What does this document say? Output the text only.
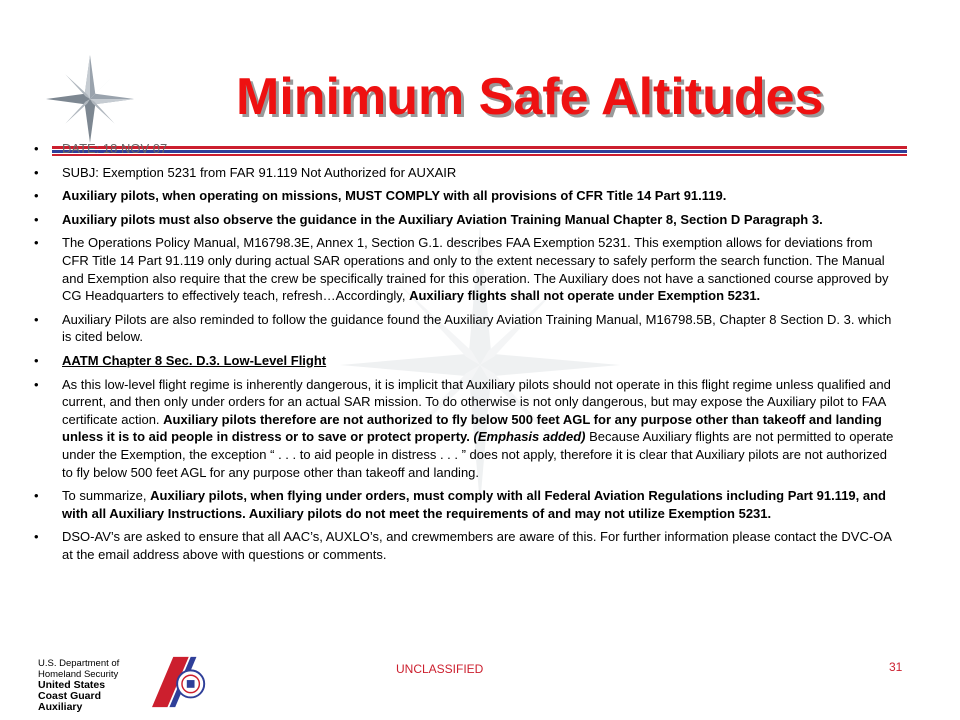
Minimum Safe Altitudes
• DATE: 18 NOV 07
• SUBJ: Exemption 5231 from FAR 91.119 Not Authorized for AUXAIR
• Auxiliary pilots, when operating on missions, MUST COMPLY with all provisions of CFR Title 14 Part 91.119.
• Auxiliary pilots must also observe the guidance in the Auxiliary Aviation Training Manual Chapter 8, Section D Paragraph 3.
• The Operations Policy Manual, M16798.3E, Annex 1, Section G.1. describes FAA Exemption 5231. This exemption allows for deviations from CFR Title 14 Part 91.119 only during actual SAR operations and only to the extent necessary to safely perform the search function. The Manual and Exemption also require that the crew be specifically trained for this operation. The Auxiliary does not have a sanctioned course approved by CG Headquarters to effectively teach, refresh…Accordingly, Auxiliary flights shall not operate under Exemption 5231.
• Auxiliary Pilots are also reminded to follow the guidance found the Auxiliary Aviation Training Manual, M16798.5B, Chapter 8 Section D. 3. which is cited below.
• AATM Chapter 8 Sec. D.3. Low-Level Flight
• As this low-level flight regime is inherently dangerous, it is implicit that Auxiliary pilots should not operate in this flight regime unless qualified and current, and then only under orders for an actual SAR mission. To do otherwise is not only dangerous, but may expose the Auxiliary pilot to FAA certificate action. Auxiliary pilots therefore are not authorized to fly below 500 feet AGL for any purpose other than takeoff and landing unless it is to aid people in distress or to save or protect property. (Emphasis added) Because Auxiliary flights are not permitted to operate under the Exemption, the exception “ . . . to aid people in distress . . . ” does not apply, therefore it is clear that Auxiliary pilots are not authorized to fly below 500 feet AGL for any purpose other than takeoff and landing.
• To summarize, Auxiliary pilots, when flying under orders, must comply with all Federal Aviation Regulations including Part 91.119, and with all Auxiliary Instructions. Auxiliary pilots do not meet the requirements of and may not utilize Exemption 5231.
• DSO-AV’s are asked to ensure that all AAC’s, AUXLO’s, and crewmembers are aware of this. For further information please contact the DVC-OA at the email address above with questions or comments.
U.S. Department of
Homeland Security
United States
Coast Guard
Auxiliary
UNCLASSIFIED	31
